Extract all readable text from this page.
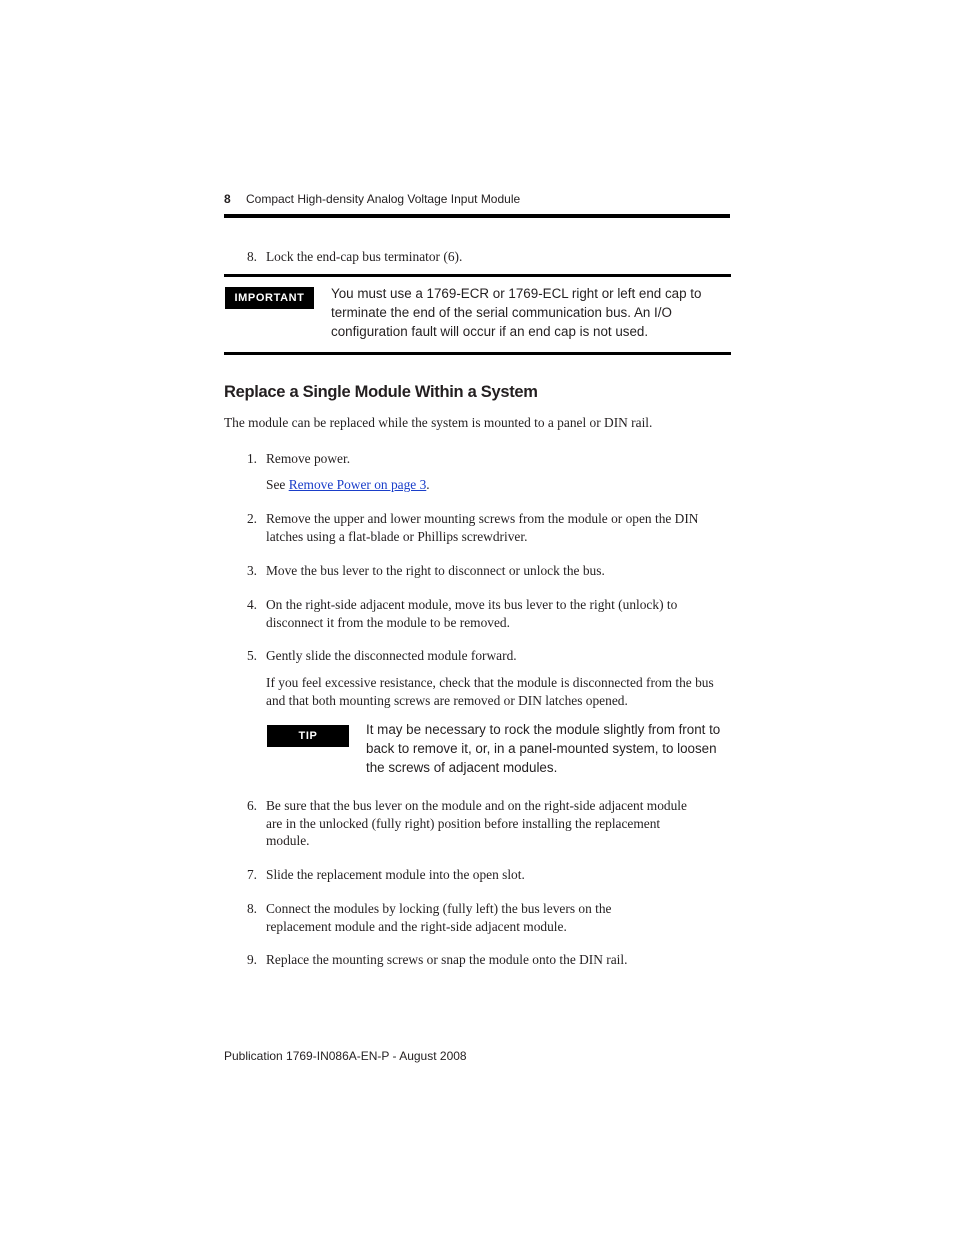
8 Compact High-density Analog Voltage Input Module
8. Lock the end-cap bus terminator (6).
IMPORTANT	You must use a 1769-ECR or 1769-ECL right or left end cap to terminate the end of the serial communication bus. An I/O configuration fault will occur if an end cap is not used.
Replace a Single Module Within a System
The module can be replaced while the system is mounted to a panel or DIN rail.
1. Remove power.
See Remove Power on page 3.
2. Remove the upper and lower mounting screws from the module or open the DIN latches using a flat-blade or Phillips screwdriver.
3. Move the bus lever to the right to disconnect or unlock the bus.
4. On the right-side adjacent module, move its bus lever to the right (unlock) to disconnect it from the module to be removed.
5. Gently slide the disconnected module forward.
If you feel excessive resistance, check that the module is disconnected from the bus and that both mounting screws are removed or DIN latches opened.
TIP	It may be necessary to rock the module slightly from front to back to remove it, or, in a panel-mounted system, to loosen the screws of adjacent modules.
6. Be sure that the bus lever on the module and on the right-side adjacent module are in the unlocked (fully right) position before installing the replacement module.
7. Slide the replacement module into the open slot.
8. Connect the modules by locking (fully left) the bus levers on the replacement module and the right-side adjacent module.
9. Replace the mounting screws or snap the module onto the DIN rail.
Publication 1769-IN086A-EN-P - August 2008
